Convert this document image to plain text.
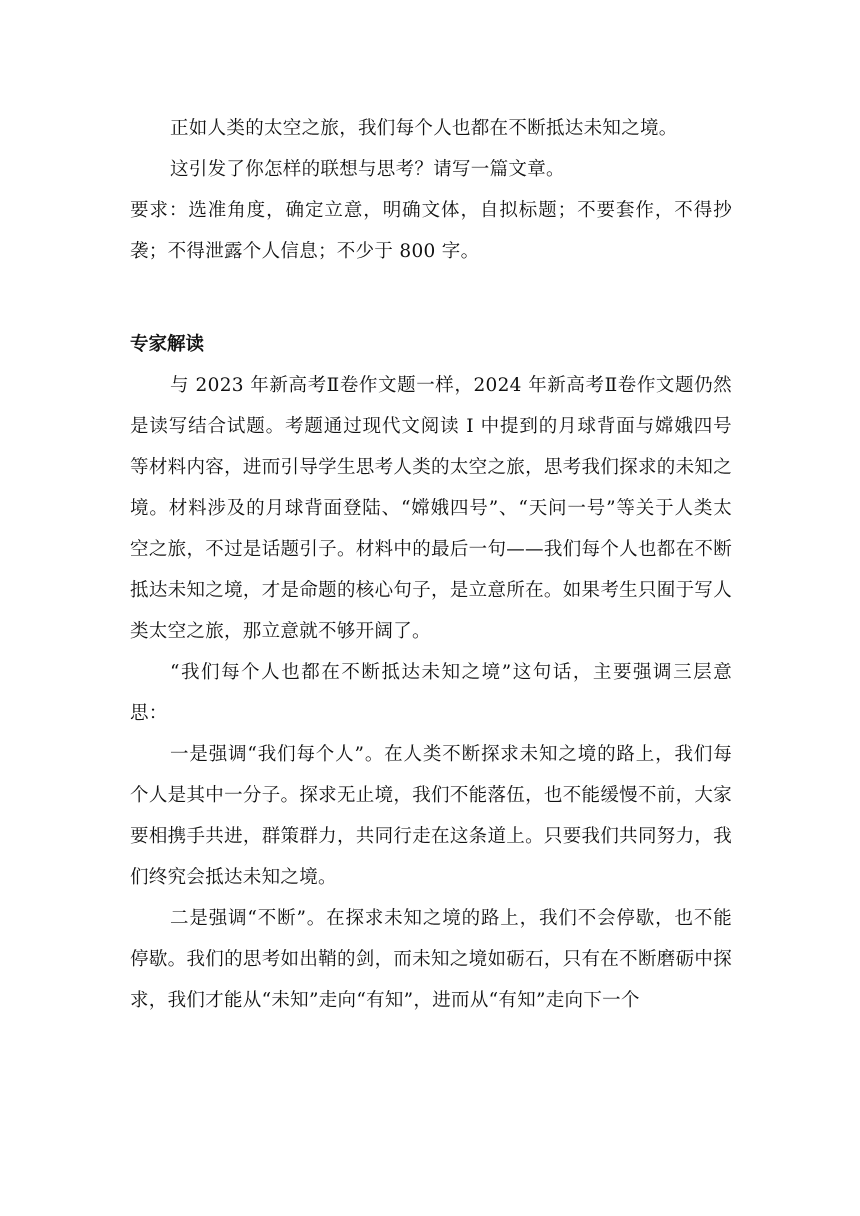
正如人类的太空之旅，我们每个人也都在不断抵达未知之境。

这引发了你怎样的联想与思考？请写一篇文章。

要求：选准角度，确定立意，明确文体，自拟标题；不要套作，不得抄袭；不得泄露个人信息；不少于 800 字。

专家解读

与 2023 年新高考Ⅱ卷作文题一样，2024 年新高考Ⅱ卷作文题仍然是读写结合试题。考题通过现代文阅读 I 中提到的月球背面与嫦娥四号等材料内容，进而引导学生思考人类的太空之旅，思考我们探求的未知之境。材料涉及的月球背面登陆、“嫦娥四号”、“天问一号”等关于人类太空之旅，不过是话题引子。材料中的最后一句——我们每个人也都在不断抵达未知之境，才是命题的核心句子，是立意所在。如果考生只囿于写人类太空之旅，那立意就不够开阔了。

“我们每个人也都在不断抵达未知之境”这句话，主要强调三层意思：

一是强调“我们每个人”。在人类不断探求未知之境的路上，我们每个人是其中一分子。探求无止境，我们不能落伍，也不能缓慢不前，大家要相携手共进，群策群力，共同行走在这条道上。只要我们共同努力，我们终究会抵达未知之境。

二是强调“不断”。在探求未知之境的路上，我们不会停歇，也不能停歇。我们的思考如出鞘的剑，而未知之境如砺石，只有在不断磨砺中探求，我们才能从“未知”走向“有知”，进而从“有知”走向下一个
